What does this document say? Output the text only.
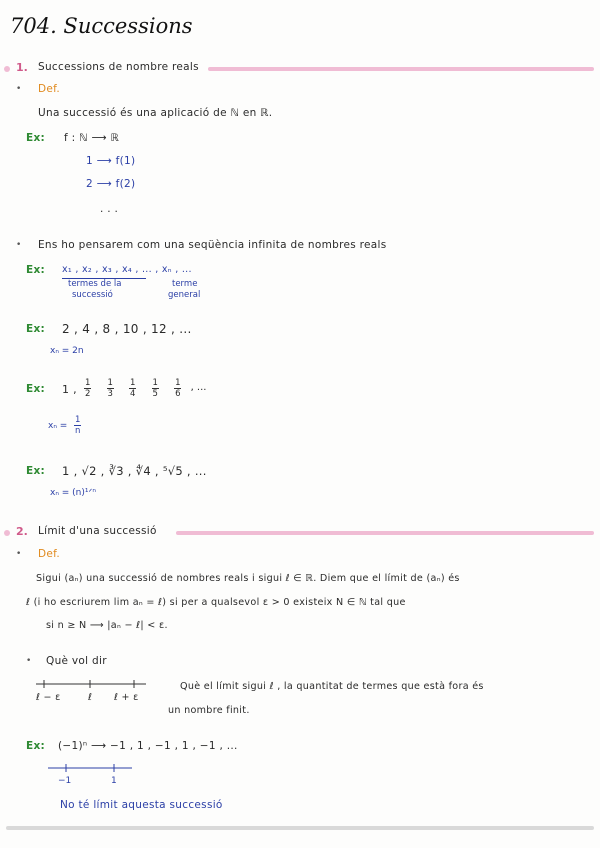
704. Successions
1. Successions de nombre reals
• Def.
Una successió és una aplicació de ℕ en ℝ.
Ex: f : ℕ ⟶ ℝ
1 ⟶ f(1)
2 ⟶ f(2)
. . .
• Ens ho pensarem com una seqüència infinita de nombres reals
Ex: x₁ , x₂ , x₃ , x₄ , ... , xₙ , ...
termes de la
successió
terme
general
Ex: 2 , 4 , 8 , 10 , 12 , ...
xₙ = 2n
Ex: 1 , $\frac{1}{2} \frac{1}{3} \frac{1}{4} \frac{1}{5} \frac{1}{6} ^{, ...}$
xₙ =
1
n
Ex: 1 , √2 , ∛3 , ∜4 , ⁵√5 , ...
xₙ = (n)¹ᐟⁿ
2. Límit d'una successió
• Def.
Sigui (aₙ) una successió de nombres reals i sigui ℓ ∈ ℝ. Diem que el límit de (aₙ) és
ℓ (i ho escriurem lim aₙ = ℓ) si per a qualsevol ε > 0 existeix N ∈ ℕ tal que
si n ≥ N ⟶ |aₙ − ℓ| < ε.
• Què vol dir
ℓ − ε	ℓ ℓ + ε
Què el límit sigui ℓ , la quantitat de termes que està fora és
un nombre finit.
Ex: (−1)ⁿ ⟶ −1 , 1 , −1 , 1 , −1 , ...
−1	1
No té límit aquesta successió
